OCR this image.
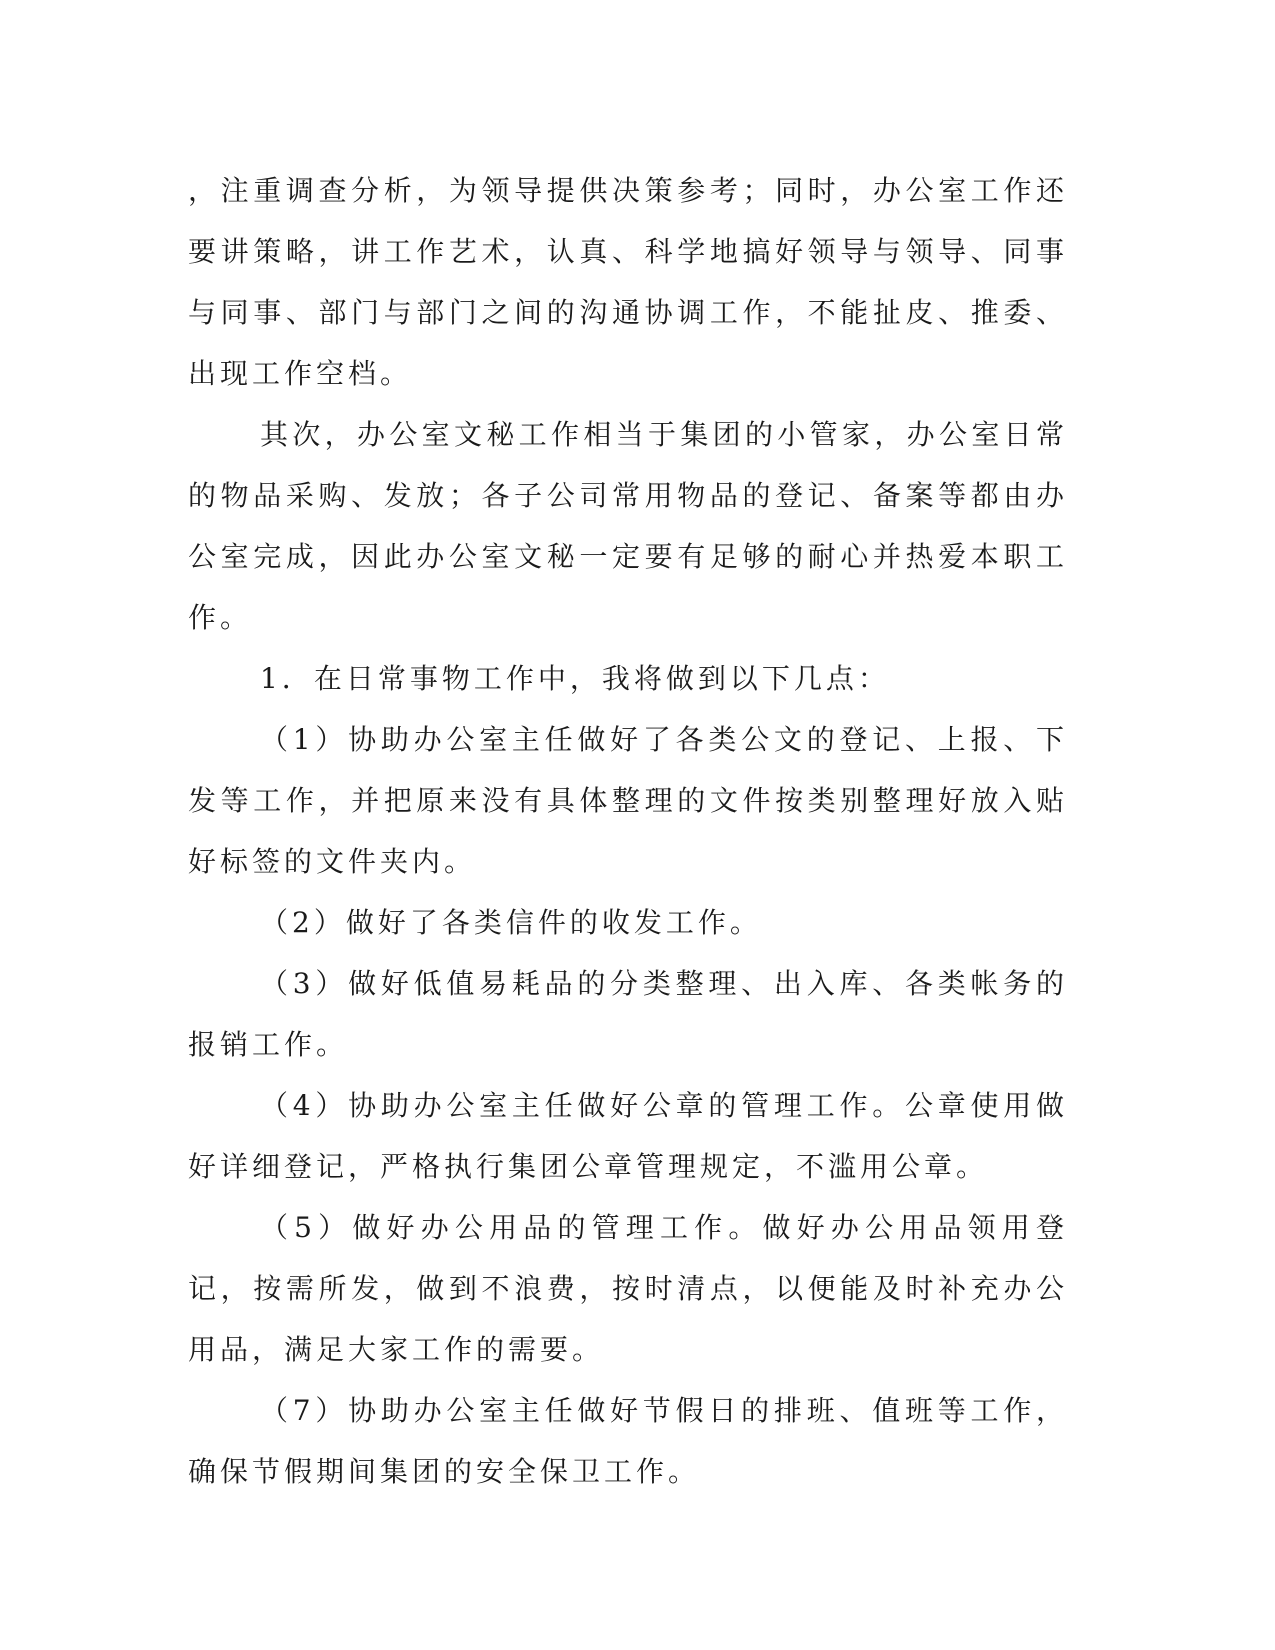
，注重调查分析，为领导提供决策参考；同时，办公室工作还要讲策略，讲工作艺术，认真、科学地搞好领导与领导、同事与同事、部门与部门之间的沟通协调工作，不能扯皮、推委、出现工作空档。

其次，办公室文秘工作相当于集团的小管家，办公室日常的物品采购、发放；各子公司常用物品的登记、备案等都由办公室完成，因此办公室文秘一定要有足够的耐心并热爱本职工作。

1．在日常事物工作中，我将做到以下几点：

（1）协助办公室主任做好了各类公文的登记、上报、下发等工作，并把原来没有具体整理的文件按类别整理好放入贴好标签的文件夹内。

（2）做好了各类信件的收发工作。

（3）做好低值易耗品的分类整理、出入库、各类帐务的报销工作。

（4）协助办公室主任做好公章的管理工作。公章使用做好详细登记，严格执行集团公章管理规定，不滥用公章。

（5）做好办公用品的管理工作。做好办公用品领用登记，按需所发，做到不浪费，按时清点，以便能及时补充办公用品，满足大家工作的需要。

（7）协助办公室主任做好节假日的排班、值班等工作，确保节假期间集团的安全保卫工作。
